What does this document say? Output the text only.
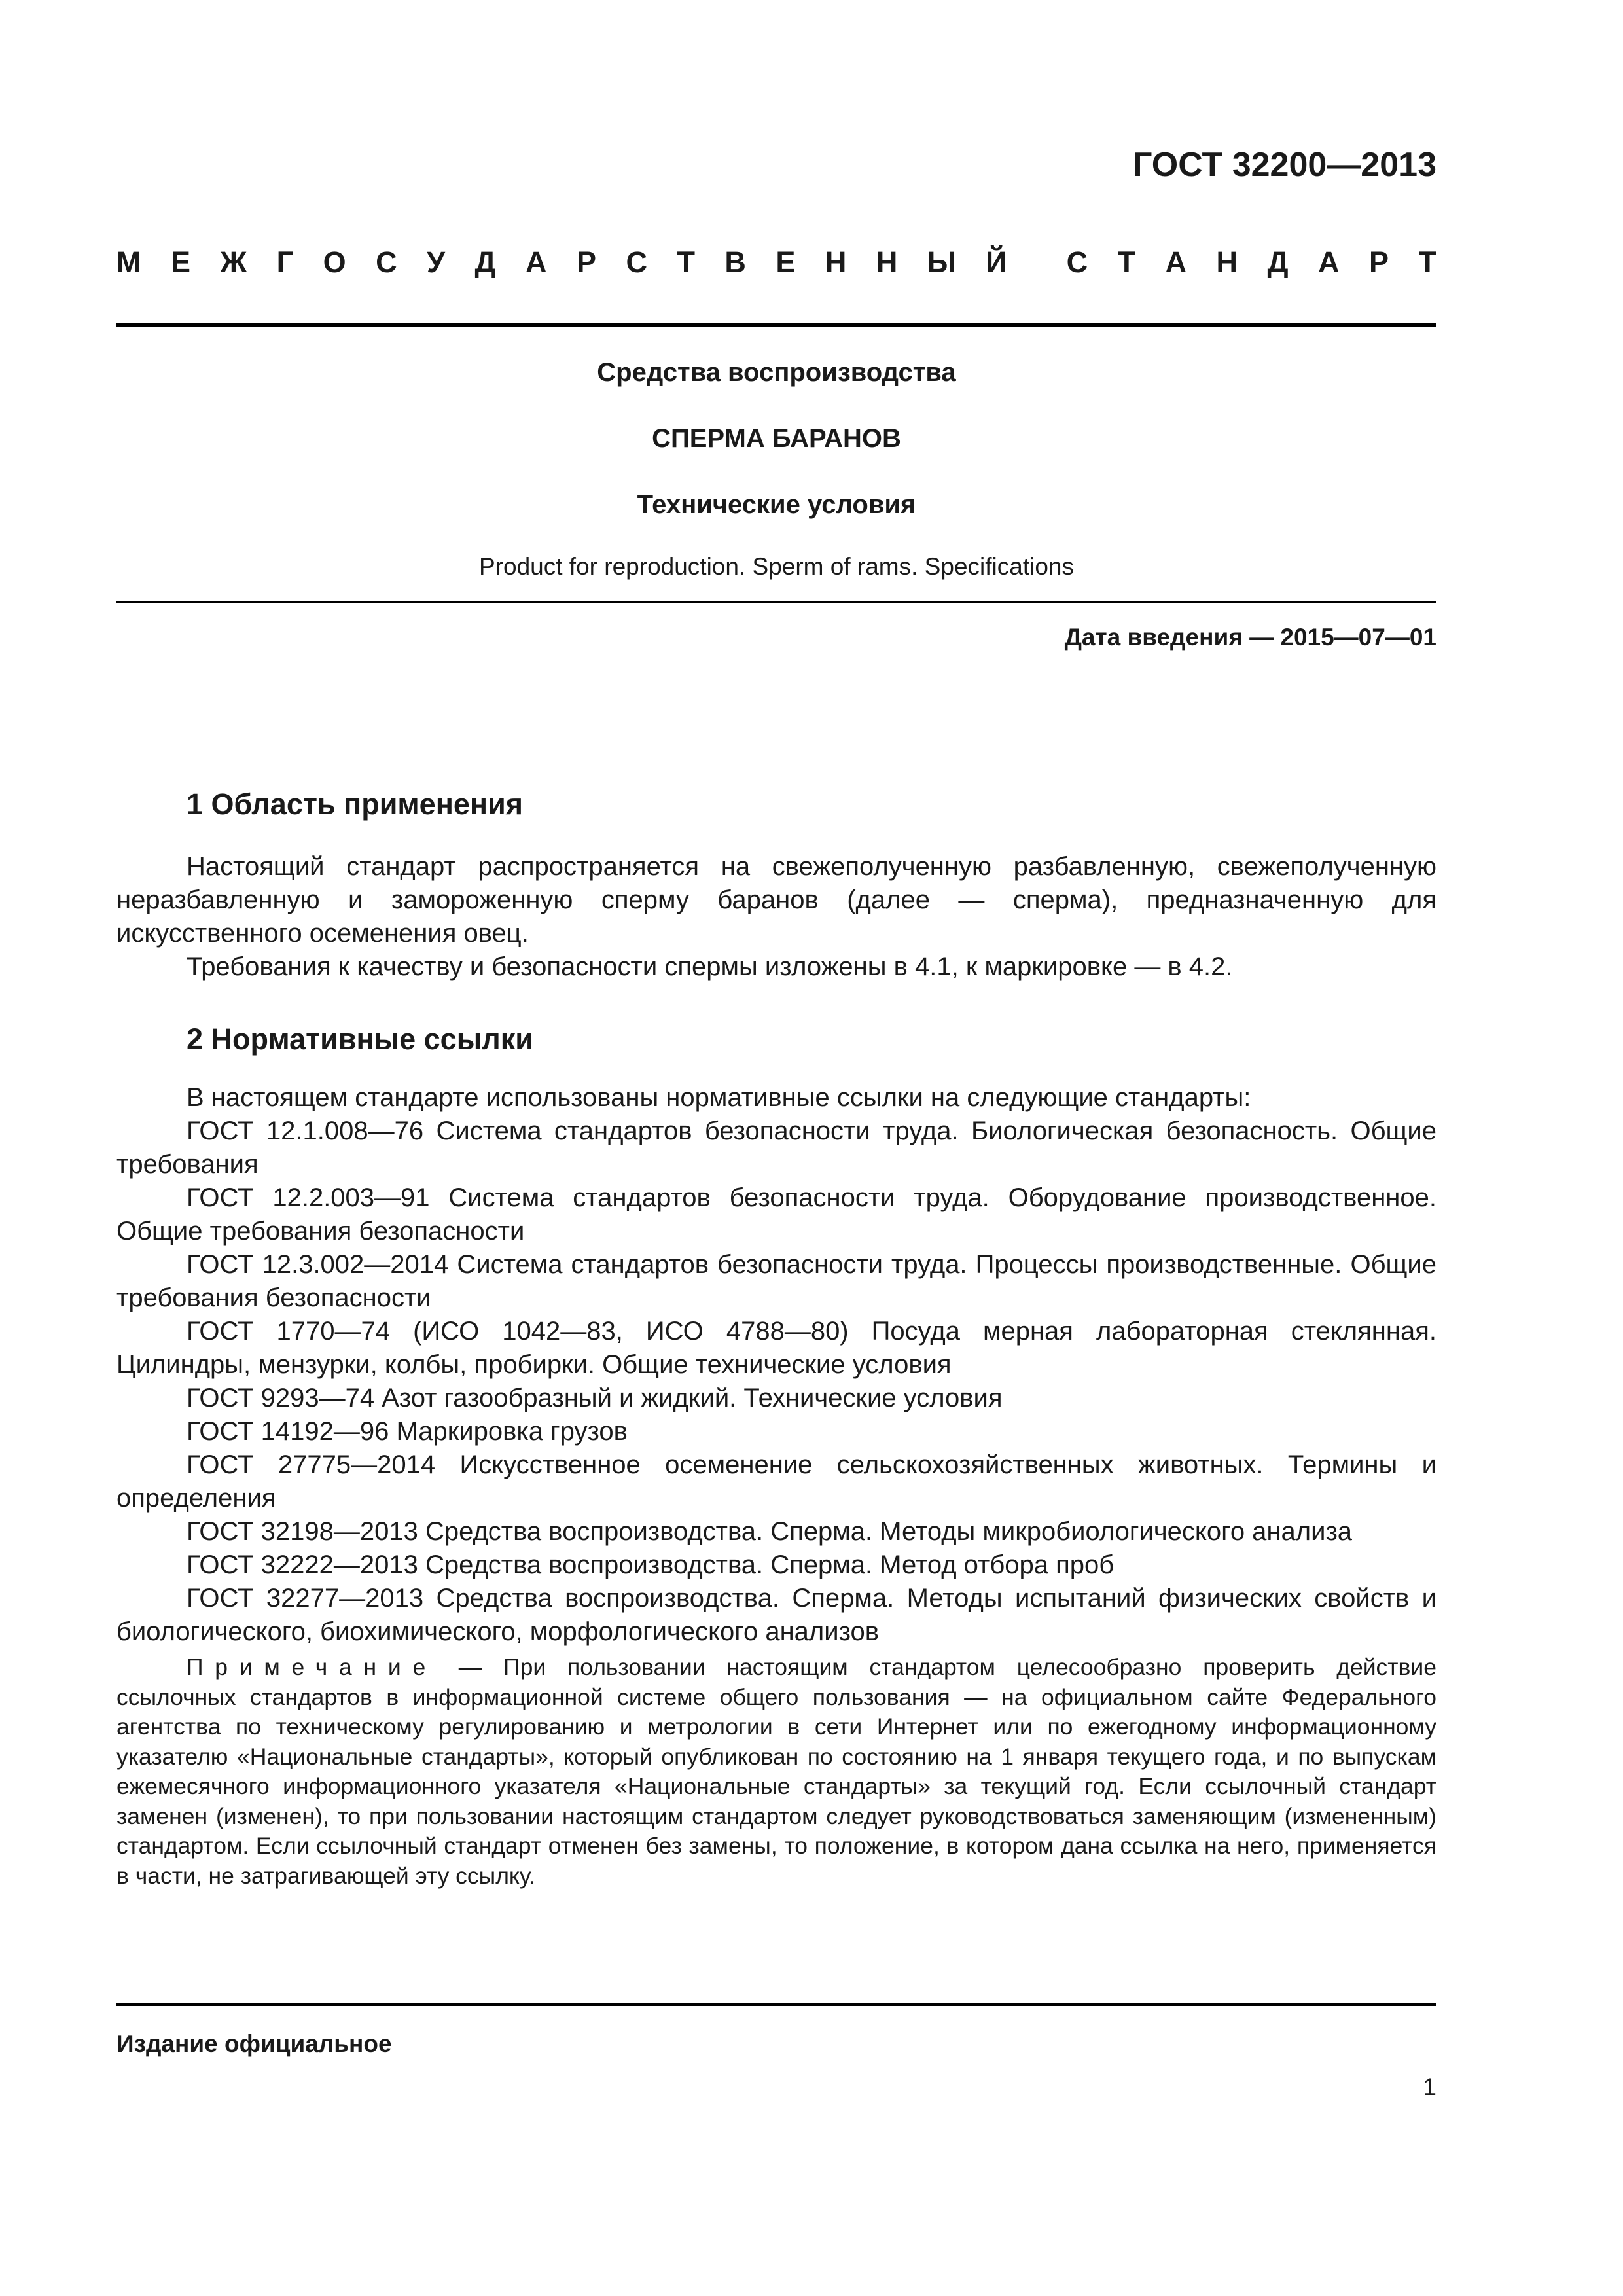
ГОСТ 32200—2013
М Е Ж Г О С У Д А Р С Т В Е Н Н Ы Й С Т А Н Д А Р Т
Средства воспроизводства
СПЕРМА БАРАНОВ
Технические условия
Product for reproduction. Sperm of rams. Specifications
Дата введения — 2015—07—01
1 Область применения

Настоящий стандарт распространяется на свежеполученную разбавленную, свежеполученную неразбавленную и замороженную сперму баранов (далее — сперма), предназначенную для искусственного осеменения овец.

Требования к качеству и безопасности спермы изложены в 4.1, к маркировке — в 4.2.

2 Нормативные ссылки

В настоящем стандарте использованы нормативные ссылки на следующие стандарты:

ГОСТ 12.1.008—76 Система стандартов безопасности труда. Биологическая безопасность. Общие требования

ГОСТ 12.2.003—91 Система стандартов безопасности труда. Оборудование производственное. Общие требования безопасности

ГОСТ 12.3.002—2014 Система стандартов безопасности труда. Процессы производственные. Общие требования безопасности

ГОСТ 1770—74 (ИСО 1042—83, ИСО 4788—80) Посуда мерная лабораторная стеклянная. Цилиндры, мензурки, колбы, пробирки. Общие технические условия

ГОСТ 9293—74 Азот газообразный и жидкий. Технические условия

ГОСТ 14192—96 Маркировка грузов

ГОСТ 27775—2014 Искусственное осеменение сельскохозяйственных животных. Термины и определения

ГОСТ 32198—2013 Средства воспроизводства. Сперма. Методы микробиологического анализа

ГОСТ 32222—2013 Средства воспроизводства. Сперма. Метод отбора проб

ГОСТ 32277—2013 Средства воспроизводства. Сперма. Методы испытаний физических свойств и биологического, биохимического, морфологического анализов

Примечание — При пользовании настоящим стандартом целесообразно проверить действие ссылочных стандартов в информационной системе общего пользования — на официальном сайте Федерального агентства по техническому регулированию и метрологии в сети Интернет или по ежегодному информационному указателю «Национальные стандарты», который опубликован по состоянию на 1 января текущего года, и по выпускам ежемесячного информационного указателя «Национальные стандарты» за текущий год. Если ссылочный стандарт заменен (изменен), то при пользовании настоящим стандартом следует руководствоваться заменяющим (измененным) стандартом. Если ссылочный стандарт отменен без замены, то положение, в котором дана ссылка на него, применяется в части, не затрагивающей эту ссылку.

Издание официальное
1
